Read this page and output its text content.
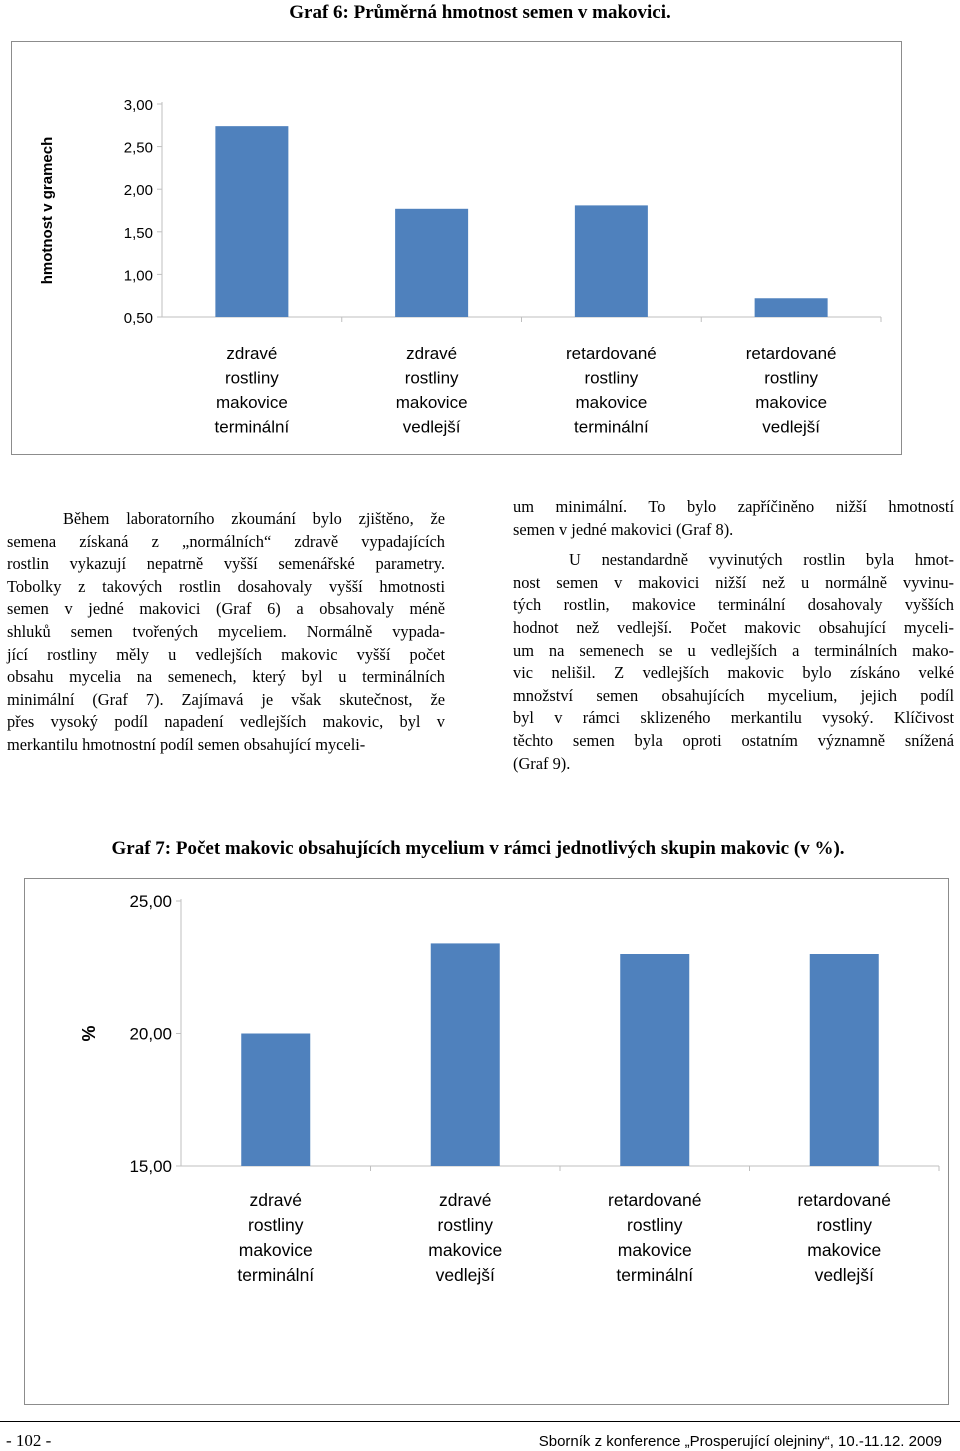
Graf 6: Průměrná hmotnost semen v makovici.
3,00
2,50
2,00
1,50
1,00
0,50
zdravé
rostliny
makovice
terminální
zdravé
rostliny
makovice
vedlejší
retardované
rostliny
makovice
terminální
retardované
rostliny
makovice
vedlejší
hmotnost v gramech

Během laboratorního zkoumání bylo zjištěno, že
semena získaná z „normálních“ zdravě vypadajících
rostlin vykazují nepatrně vyšší semenářské parametry.
Tobolky z takových rostlin dosahovaly vyšší hmotnosti
semen v jedné makovici (Graf 6) a obsahovaly méně
shluků semen tvořených myceliem. Normálně vypada-
jící rostliny měly u vedlejších makovic vyšší počet
obsahu mycelia na semenech, který byl u terminálních
minimální (Graf 7). Zajímavá je však skutečnost, že
přes vysoký podíl napadení vedlejších makovic, byl v
merkantilu hmotnostní podíl semen obsahující myceli-

um minimální. To bylo zapříčiněno nižší hmotností
semen v jedné makovici (Graf 8).
U nestandardně vyvinutých rostlin byla hmot-
nost semen v makovici nižší než u normálně vyvinu-
tých rostlin, makovice terminální dosahovaly vyšších
hodnot než vedlejší. Počet makovic obsahující myceli-
um na semenech se u vedlejších a terminálních mako-
vic nelišil. Z vedlejších makovic bylo získáno velké
množství semen obsahujících mycelium, jejich podíl
byl v rámci sklizeného merkantilu vysoký. Klíčivost
těchto semen byla oproti ostatním významně snížená
(Graf 9).

Graf 7: Počet makovic obsahujících mycelium v rámci jednotlivých skupin makovic (v %).
25,00
20,00
15,00
zdravé
rostliny
makovice
terminální
zdravé
rostliny
makovice
vedlejší
retardované
rostliny
makovice
terminální
retardované
rostliny
makovice
vedlejší
%
- 102 -	Sborník z konference „Prosperující olejniny“, 10.-11.12. 2009
